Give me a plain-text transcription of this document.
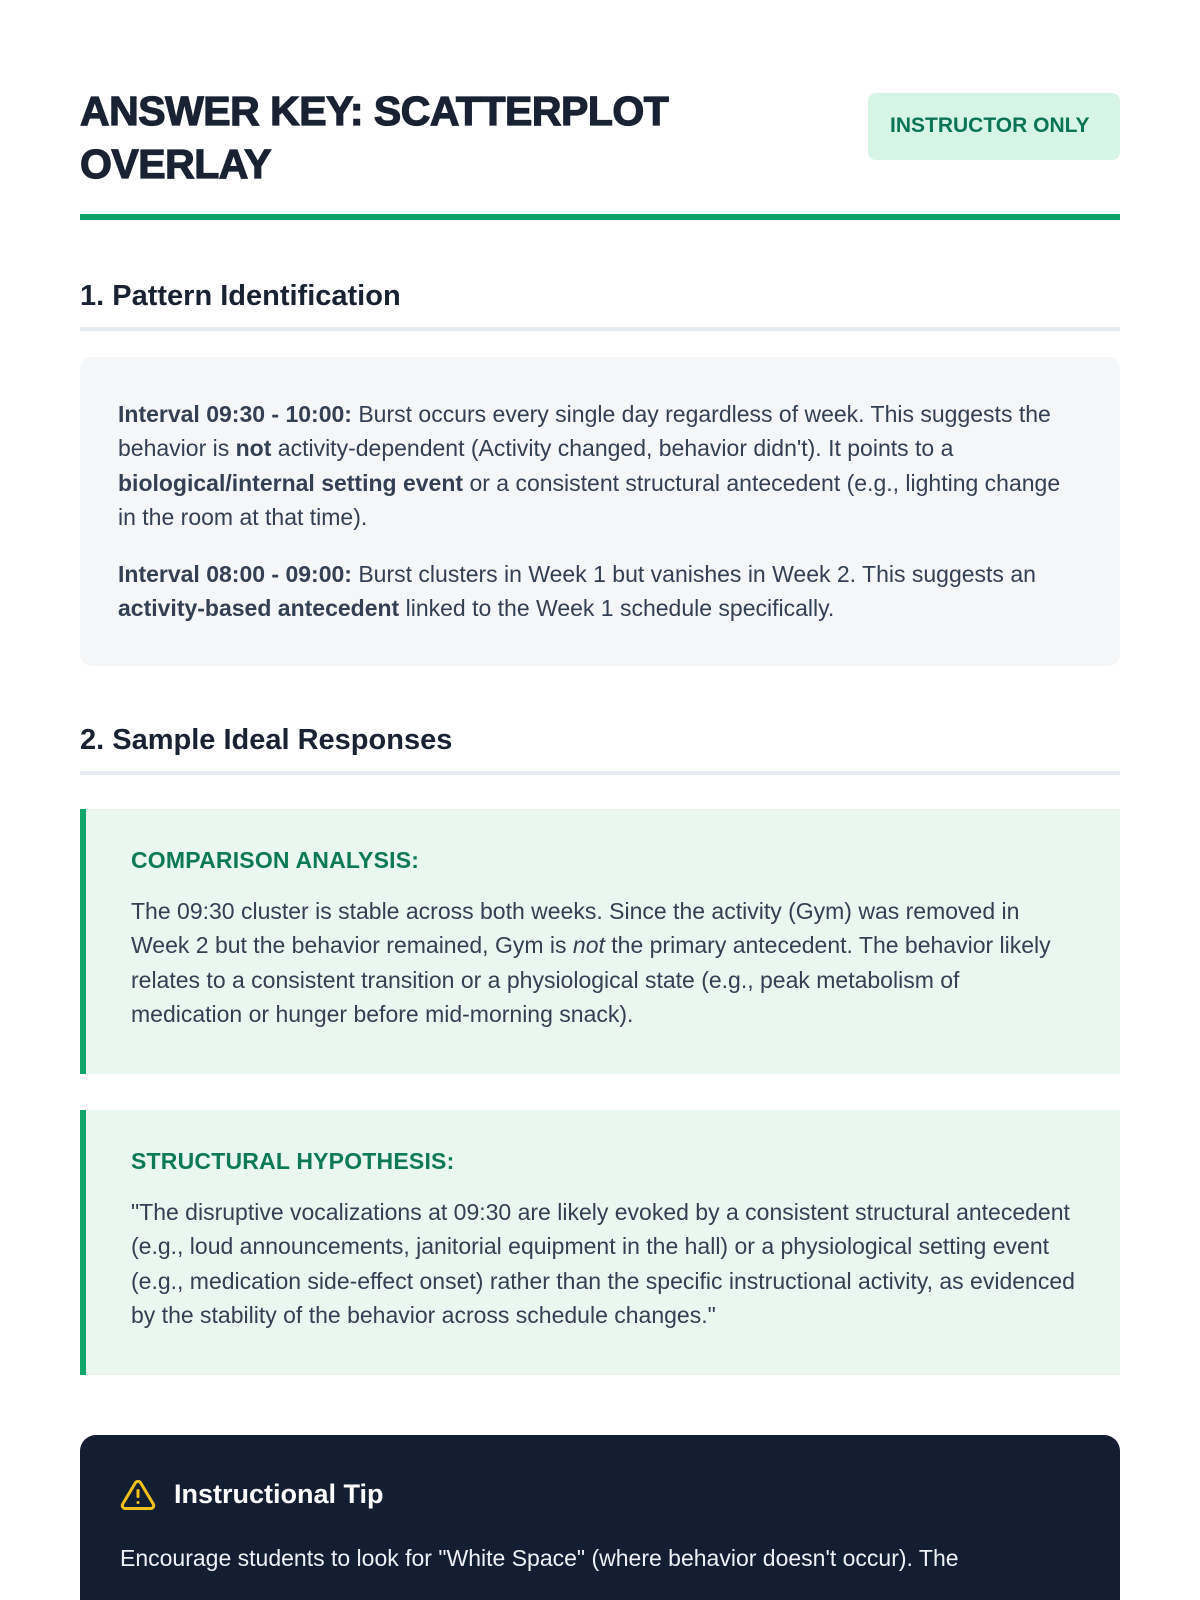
ANSWER KEY: SCATTERPLOT OVERLAY
INSTRUCTOR ONLY
1. Pattern Identification

Interval 09:30 - 10:00: Burst occurs every single day regardless of week. This suggests the behavior is not activity-dependent (Activity changed, behavior didn't). It points to a biological/internal setting event or a consistent structural antecedent (e.g., lighting change in the room at that time).

Interval 08:00 - 09:00: Burst clusters in Week 1 but vanishes in Week 2. This suggests an activity-based antecedent linked to the Week 1 schedule specifically.

2. Sample Ideal Responses
COMPARISON ANALYSIS:

The 09:30 cluster is stable across both weeks. Since the activity (Gym) was removed in Week 2 but the behavior remained, Gym is not the primary antecedent. The behavior likely relates to a consistent transition or a physiological state (e.g., peak metabolism of medication or hunger before mid-morning snack).

STRUCTURAL HYPOTHESIS:

"The disruptive vocalizations at 09:30 are likely evoked by a consistent structural antecedent (e.g., loud announcements, janitorial equipment in the hall) or a physiological setting event (e.g., medication side-effect onset) rather than the specific instructional activity, as evidenced by the stability of the behavior across schedule changes."

Instructional Tip

Encourage students to look for "White Space" (where behavior doesn't occur). The
